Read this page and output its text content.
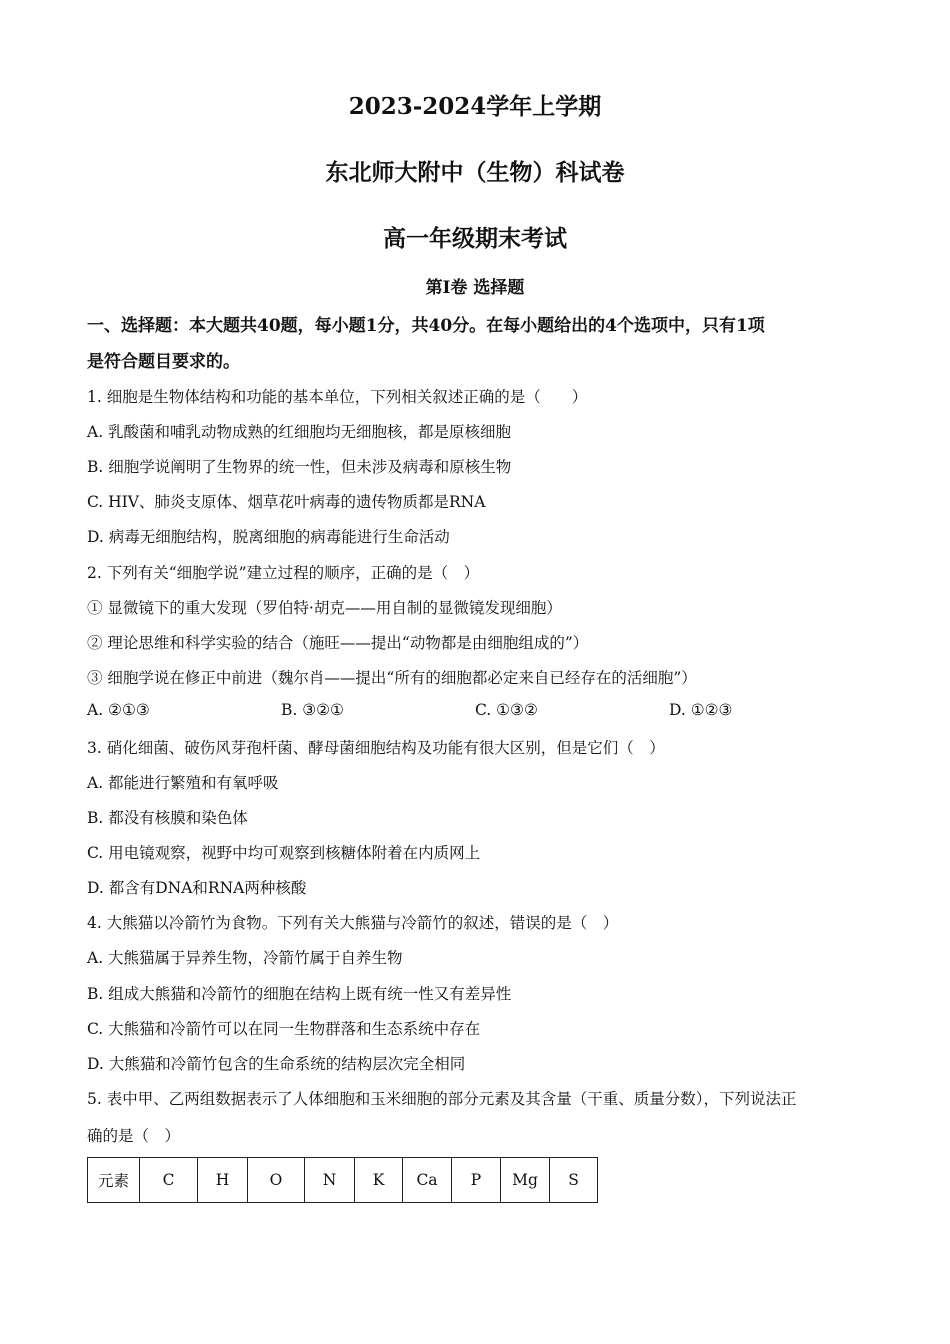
2023-2024学年上学期
东北师大附中（生物）科试卷
高一年级期末考试
第I卷 选择题
一、选择题：本大题共40题，每小题1分，共40分。在每小题给出的4个选项中，只有1项
是符合题目要求的。
1. 细胞是生物体结构和功能的基本单位，下列相关叙述正确的是（　　）
A. 乳酸菌和哺乳动物成熟的红细胞均无细胞核，都是原核细胞
B. 细胞学说阐明了生物界的统一性，但未涉及病毒和原核生物
C. HIV、肺炎支原体、烟草花叶病毒的遗传物质都是RNA
D. 病毒无细胞结构，脱离细胞的病毒能进行生命活动
2. 下列有关“细胞学说”建立过程的顺序，正确的是（　）
① 显微镜下的重大发现（罗伯特·胡克——用自制的显微镜发现细胞）
② 理论思维和科学实验的结合（施旺——提出“动物都是由细胞组成的”）
③ 细胞学说在修正中前进（魏尔肖——提出“所有的细胞都必定来自已经存在的活细胞”）
A. ②①③	B. ③②①	C. ①③②	D. ①②③
3. 硝化细菌、破伤风芽孢杆菌、酵母菌细胞结构及功能有很大区别，但是它们（　）
A. 都能进行繁殖和有氧呼吸
B. 都没有核膜和染色体
C. 用电镜观察，视野中均可观察到核糖体附着在内质网上
D. 都含有DNA和RNA两种核酸
4. 大熊猫以冷箭竹为食物。下列有关大熊猫与冷箭竹的叙述，错误的是（　）
A. 大熊猫属于异养生物，冷箭竹属于自养生物
B. 组成大熊猫和冷箭竹的细胞在结构上既有统一性又有差异性
C. 大熊猫和冷箭竹可以在同一生物群落和生态系统中存在
D. 大熊猫和冷箭竹包含的生命系统的结构层次完全相同
5. 表中甲、乙两组数据表示了人体细胞和玉米细胞的部分元素及其含量（干重、质量分数），下列说法正
确的是（　）
元素	C	H	O	N	K	Ca	P	Mg	S
